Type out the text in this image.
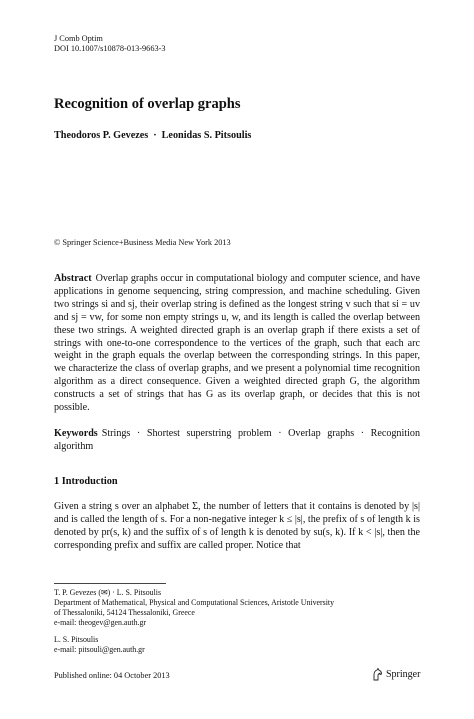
J Comb Optim
DOI 10.1007/s10878-013-9663-3
Recognition of overlap graphs
Theodoros P. Gevezes · Leonidas S. Pitsoulis
© Springer Science+Business Media New York 2013
Abstract Overlap graphs occur in computational biology and computer science, and have applications in genome sequencing, string compression, and machine scheduling. Given two strings si and sj, their overlap string is defined as the longest string v such that si = uv and sj = vw, for some non empty strings u, w, and its length is called the overlap between these two strings. A weighted directed graph is an overlap graph if there exists a set of strings with one-to-one correspondence to the vertices of the graph, such that each arc weight in the graph equals the overlap between the corresponding strings. In this paper, we characterize the class of overlap graphs, and we present a polynomial time recognition algorithm as a direct consequence. Given a weighted directed graph G, the algorithm constructs a set of strings that has G as its overlap graph, or decides that this is not possible.
Keywords Strings · Shortest superstring problem · Overlap graphs · Recognition algorithm
1 Introduction
Given a string s over an alphabet Σ, the number of letters that it contains is denoted by |s| and is called the length of s. For a non-negative integer k ≤ |s|, the prefix of s of length k is denoted by pr(s, k) and the suffix of s of length k is denoted by su(s, k). If k < |s|, then the corresponding prefix and suffix are called proper. Notice that
T. P. Gevezes (✉) · L. S. Pitsoulis
Department of Mathematical, Physical and Computational Sciences, Aristotle University
of Thessaloniki, 54124 Thessaloniki, Greece
e-mail: theogev@gen.auth.gr
L. S. Pitsoulis
e-mail: pitsouli@gen.auth.gr
Published online: 04 October 2013	Springer
